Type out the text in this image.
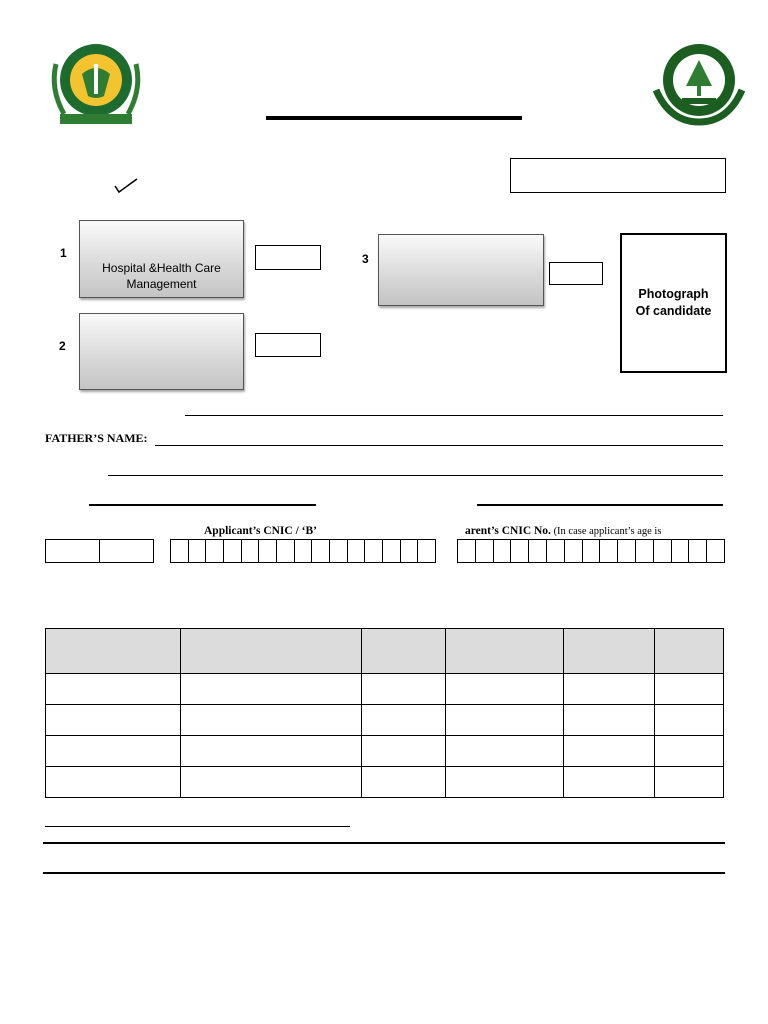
1
Hospital &Health Care Management
2
3
Photograph
Of candidate
FATHER’S NAME:
Applicant’s CNIC / ‘B’	arent’s CNIC No. (In case applicant’s age is
